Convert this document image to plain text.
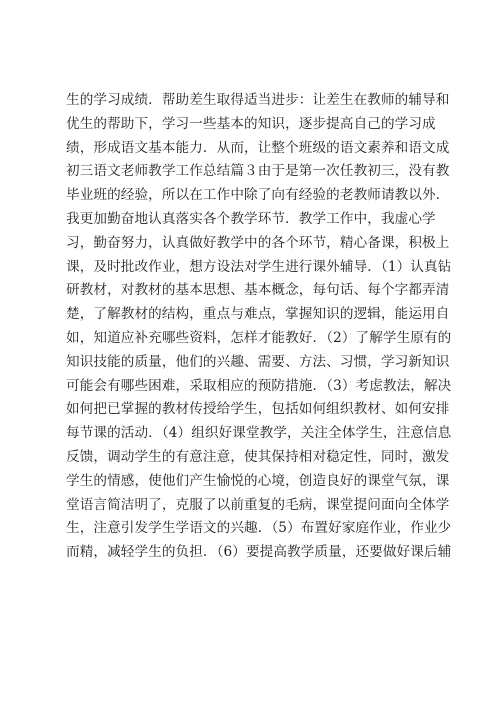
生的学习成绩．帮助差生取得适当进步：让差生在教师的辅导和
优生的帮助下，学习一些基本的知识，逐步提高自己的学习成
绩，形成语文基本能力．从而，让整个班级的语文素养和语文成
初三语文老师教学工作总结篇３由于是第一次任教初三，没有教
毕业班的经验，所以在工作中除了向有经验的老教师请教以外．
我更加勤奋地认真落实各个教学环节．教学工作中，我虚心学
习，勤奋努力，认真做好教学中的各个环节，精心备课，积极上
课，及时批改作业，想方设法对学生进行课外辅导．（1）认真钻
研教材，对教材的基本思想、基本概念，每句话、每个字都弄清
楚，了解教材的结构，重点与难点，掌握知识的逻辑，能运用自
如，知道应补充哪些资料，怎样才能教好．（2）了解学生原有的
知识技能的质量，他们的兴趣、需要、方法、习惯，学习新知识
可能会有哪些困难，采取相应的预防措施．（3）考虑教法，解决
如何把已掌握的教材传授给学生，包括如何组织教材、如何安排
每节课的活动．（4）组织好课堂教学，关注全体学生，注意信息
反馈，调动学生的有意注意，使其保持相对稳定性，同时，激发
学生的情感，使他们产生愉悦的心境，创造良好的课堂气氛，课
堂语言简洁明了，克服了以前重复的毛病，课堂提问面向全体学
生，注意引发学生学语文的兴趣．（5）布置好家庭作业，作业少
而精，减轻学生的负担．（6）要提高教学质量，还要做好课后辅
